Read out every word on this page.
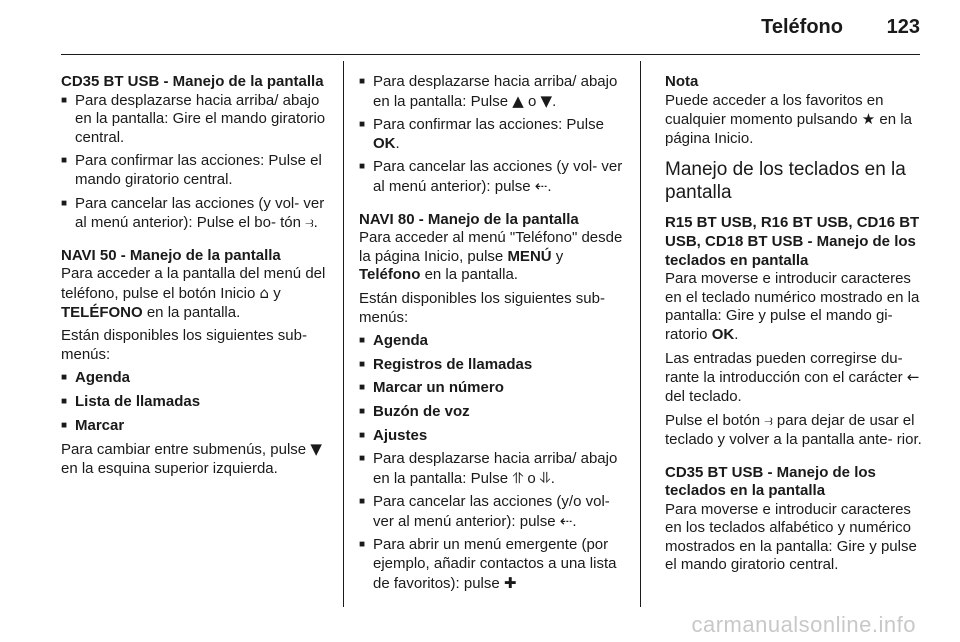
Teléfono 123

CD35 BT USB - Manejo de la pantalla

■ Para desplazarse hacia arriba/ abajo en la pantalla: Gire el mando giratorio central.
■ Para confirmar las acciones: Pulse el mando giratorio central.
■ Para cancelar las acciones (y vol- ver al menú anterior): Pulse el bo- tón ⥽.

NAVI 50 - Manejo de la pantalla

Para acceder a la pantalla del menú del teléfono, pulse el botón Inicio ⌂ y TELÉFONO en la pantalla.

Están disponibles los siguientes sub- menús:

■ Agenda
■ Lista de llamadas
■ Marcar

Para cambiar entre submenús, pulse ▼ en la esquina superior izquierda.

■ Para desplazarse hacia arriba/ abajo en la pantalla: Pulse ▲ o ▼.
■ Para confirmar las acciones: Pulse OK.
■ Para cancelar las acciones (y vol- ver al menú anterior): pulse ⇠.

NAVI 80 - Manejo de la pantalla

Para acceder al menú "Teléfono" desde la página Inicio, pulse MENÚ y Teléfono en la pantalla.

Están disponibles los siguientes sub- menús:

■ Agenda
■ Registros de llamadas
■ Marcar un número
■ Buzón de voz
■ Ajustes
■ Para desplazarse hacia arriba/ abajo en la pantalla: Pulse ⥣ o ⥥.
■ Para cancelar las acciones (y/o vol- ver al menú anterior): pulse ⇠.
■ Para abrir un menú emergente (por ejemplo, añadir contactos a una lista de favoritos): pulse ✚

Nota

Puede acceder a los favoritos en cualquier momento pulsando ★ en la página Inicio.

Manejo de los teclados en la pantalla

R15 BT USB, R16 BT USB, CD16 BT USB, CD18 BT USB - Manejo de los teclados en pantalla

Para moverse e introducir caracteres en el teclado numérico mostrado en la pantalla: Gire y pulse el mando gi- ratorio OK.

Las entradas pueden corregirse du- rante la introducción con el carácter ← del teclado.

Pulse el botón ⥽ para dejar de usar el teclado y volver a la pantalla ante- rior.

CD35 BT USB - Manejo de los teclados en la pantalla

Para moverse e introducir caracteres en los teclados alfabético y numérico mostrados en la pantalla: Gire y pulse el mando giratorio central.

carmanualsonline.info
